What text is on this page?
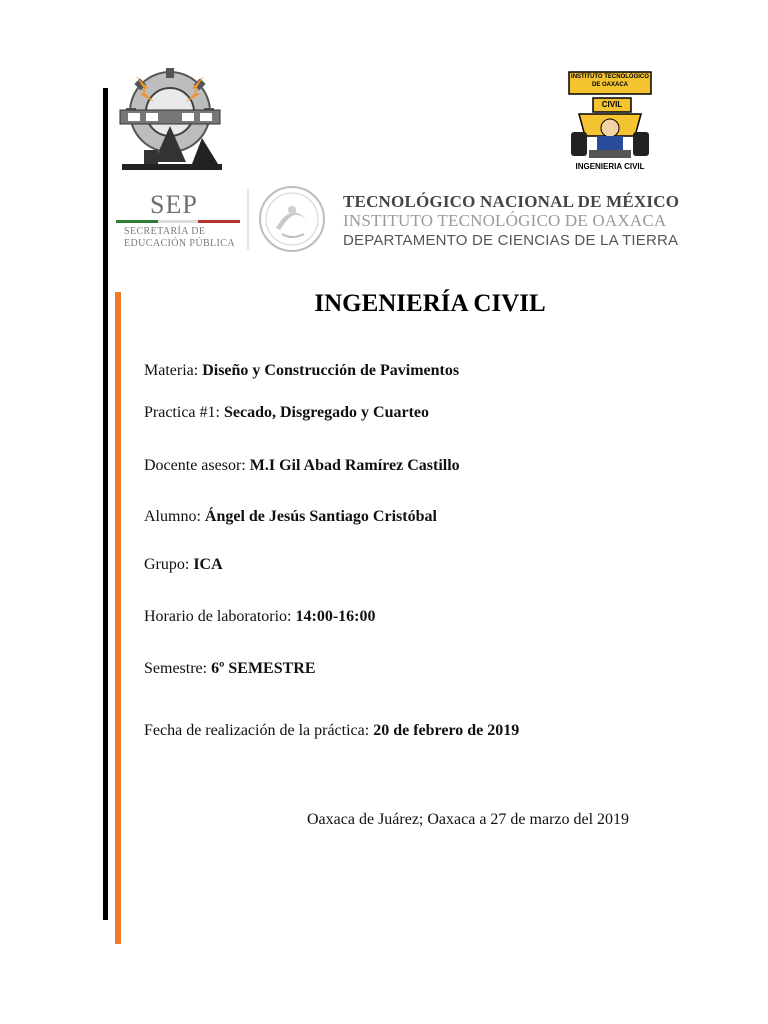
INSTITUTO TECNOLÓGICO DE OAXACA
CIVIL
INGENIERIA CIVIL
SEP
SECRETARÍA DE
EDUCACIÓN PÚBLICA
TECNOLÓGICO NACIONAL DE MÉXICO
INSTITUTO TECNOLÓGICO DE OAXACA
DEPARTAMENTO DE CIENCIAS DE LA TIERRA
INGENIERÍA CIVIL
Materia: Diseño y Construcción de Pavimentos
Practica #1: Secado, Disgregado y Cuarteo
Docente asesor: M.I Gil Abad Ramírez Castillo
Alumno: Ángel de Jesús Santiago Cristóbal
Grupo: ICA
Horario de laboratorio: 14:00-16:00
Semestre: 6º SEMESTRE
Fecha de realización de la práctica: 20 de febrero de 2019
Oaxaca de Juárez; Oaxaca a 27 de marzo del 2019
